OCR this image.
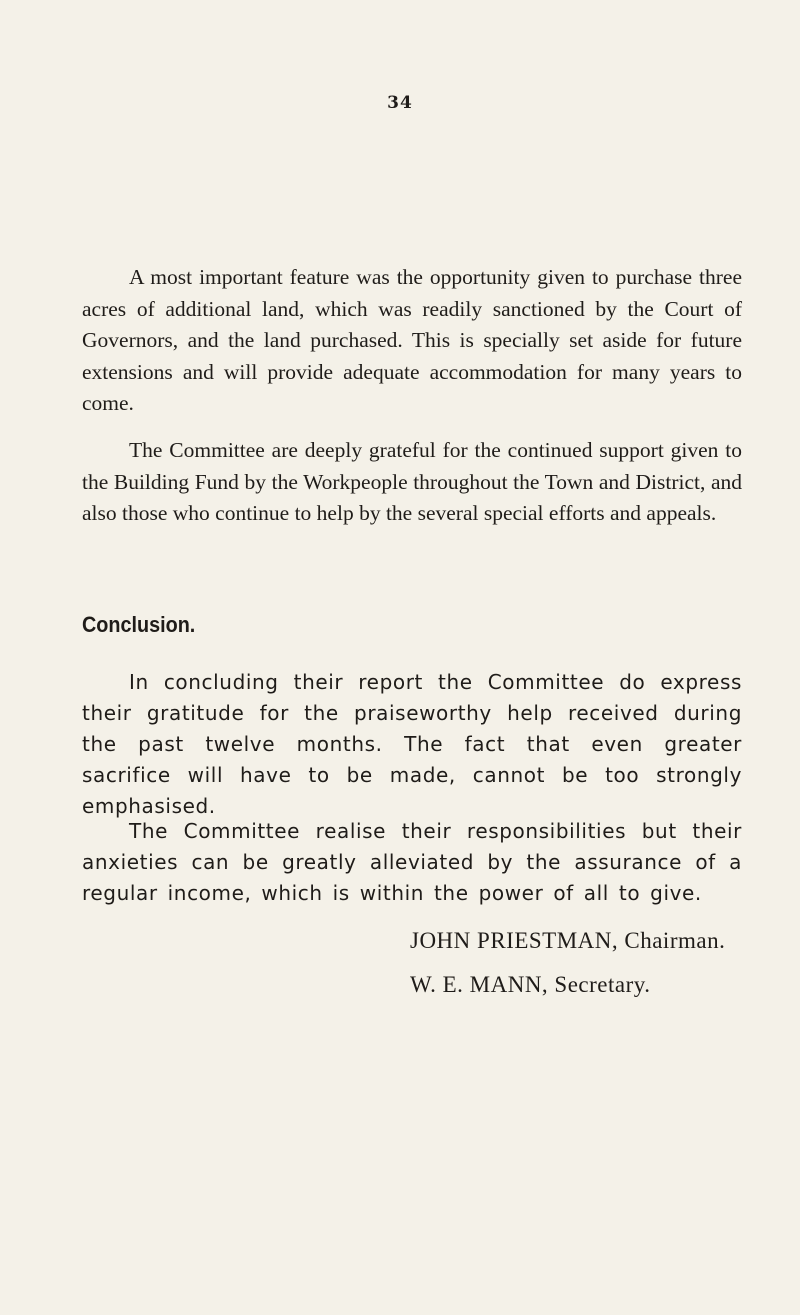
34

A most important feature was the opportunity given to purchase three acres of additional land, which was readily sanctioned by the Court of Governors, and the land purchased. This is specially set aside for future extensions and will provide adequate accommodation for many years to come.

The Committee are deeply grateful for the continued support given to the Building Fund by the Workpeople throughout the Town and District, and also those who continue to help by the several special efforts and appeals.

Conclusion.

In concluding their report the Committee do express their gratitude for the praiseworthy help received during the past twelve months. The fact that even greater sacrifice will have to be made, cannot be too strongly emphasised.

The Committee realise their responsibilities but their anxieties can be greatly alleviated by the assurance of a regular income, which is within the power of all to give.

JOHN PRIESTMAN, Chairman.
W. E. MANN, Secretary.
